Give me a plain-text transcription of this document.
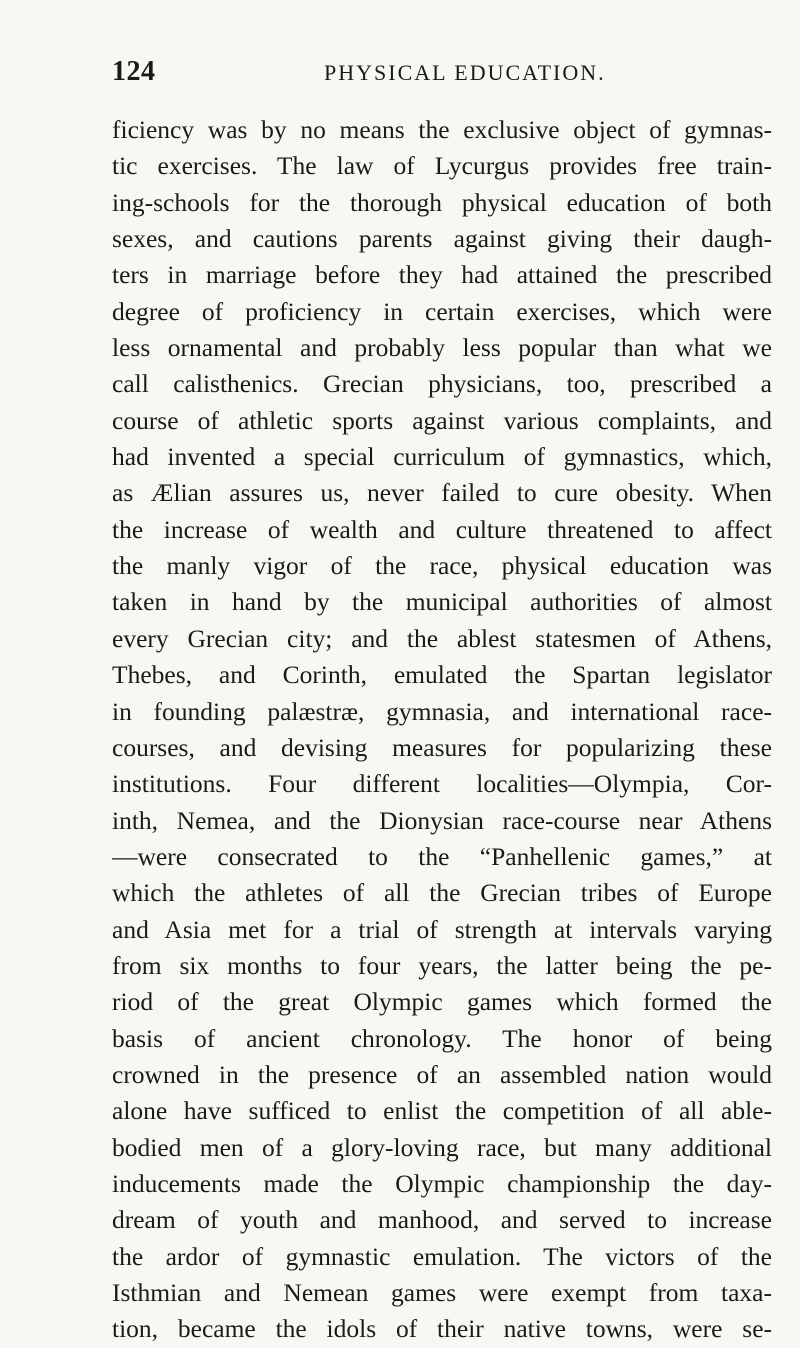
124	PHYSICAL EDUCATION.
ficiency was by no means the exclusive object of gymnas-
tic exercises. The law of Lycurgus provides free train-
ing-schools for the thorough physical education of both
sexes, and cautions parents against giving their daugh-
ters in marriage before they had attained the prescribed
degree of proficiency in certain exercises, which were
less ornamental and probably less popular than what we
call calisthenics. Grecian physicians, too, prescribed a
course of athletic sports against various complaints, and
had invented a special curriculum of gymnastics, which,
as Ælian assures us, never failed to cure obesity. When
the increase of wealth and culture threatened to affect
the manly vigor of the race, physical education was
taken in hand by the municipal authorities of almost
every Grecian city; and the ablest statesmen of Athens,
Thebes, and Corinth, emulated the Spartan legislator
in founding palæstræ, gymnasia, and international race-
courses, and devising measures for popularizing these
institutions. Four different localities—Olympia, Cor-
inth, Nemea, and the Dionysian race-course near Athens
—were consecrated to the “Panhellenic games,” at
which the athletes of all the Grecian tribes of Europe
and Asia met for a trial of strength at intervals varying
from six months to four years, the latter being the pe-
riod of the great Olympic games which formed the
basis of ancient chronology. The honor of being
crowned in the presence of an assembled nation would
alone have sufficed to enlist the competition of all able-
bodied men of a glory-loving race, but many additional
inducements made the Olympic championship the day-
dream of youth and manhood, and served to increase
the ardor of gymnastic emulation. The victors of the
Isthmian and Nemean games were exempt from taxa-
tion, became the idols of their native towns, were se-
